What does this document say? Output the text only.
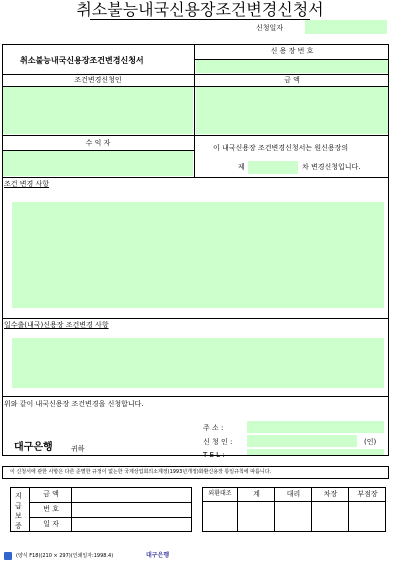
취소불능내국신용장조건변경신청서
신청일자
취소불능내국신용장조건변경신청서
신 용 장 번 호
조건변경신청인	금 액
수 익 자
이 내국신용장 조건변경신청서는 원신용장의
제	차 변경신청입니다.
조건 변경 사항
일수출(내국)신용장 조건변경 사항
위와 같이 내국신용장 조건변경을 신청합니다.
주 소 :
신 청 인 :	(인)
T E L :
대구은행	귀하
이 신청서에 관한 사항은 다른 준별한 규정이 없는한 국제상업회의소제정(1993년개정)화환신용장 통일규칙에 따릅니다.
지급보증
금 액
번 호
일 자
외환대조	계	대리	차장	부점장
(양식 F18)(210 × 297)(인쇄일자:1998.4)	대구은행
